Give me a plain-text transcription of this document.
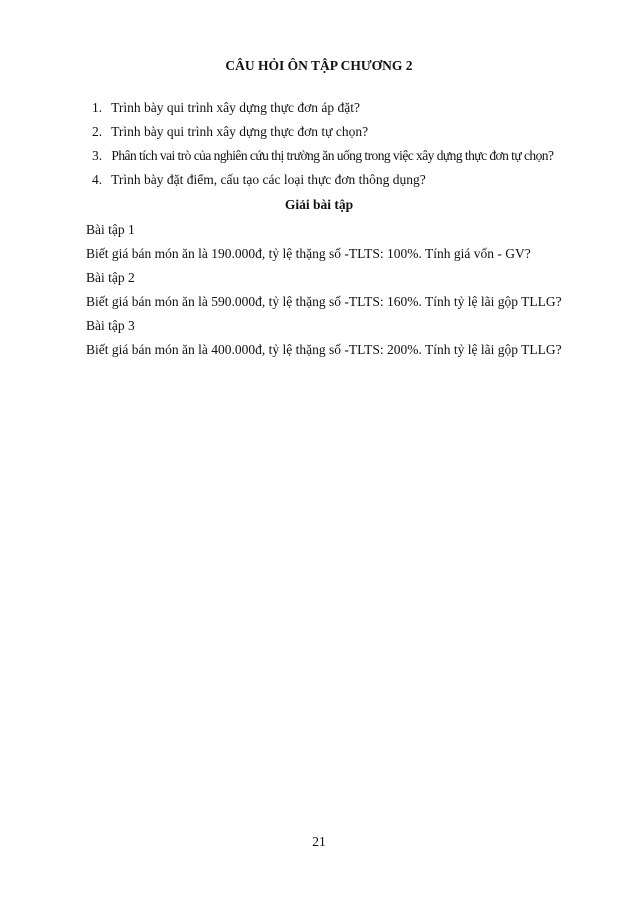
CÂU HỎI ÔN TẬP CHƯƠNG 2
1. Trình bày qui trình xây dựng thực đơn áp đặt?
2. Trình bày qui trình xây dựng thực đơn tự chọn?
3. Phân tích vai trò của nghiên cứu thị trường ăn uống trong việc xây dựng thực đơn tự chọn?
4. Trình bày đặt điểm, cấu tạo các loại thực đơn thông dụng?
Giải bài tập
Bài tập 1
Biết giá bán món ăn là 190.000đ, tỷ lệ thặng số -TLTS: 100%. Tính giá vốn - GV?
Bài tập 2
Biết giá bán món ăn là 590.000đ, tỷ lệ thặng số -TLTS: 160%. Tính tỷ lệ lãi gộp TLLG?
Bài tập 3
Biết giá bán món ăn là 400.000đ, tỷ lệ thặng số -TLTS: 200%. Tính tỷ lệ lãi gộp TLLG?
21
